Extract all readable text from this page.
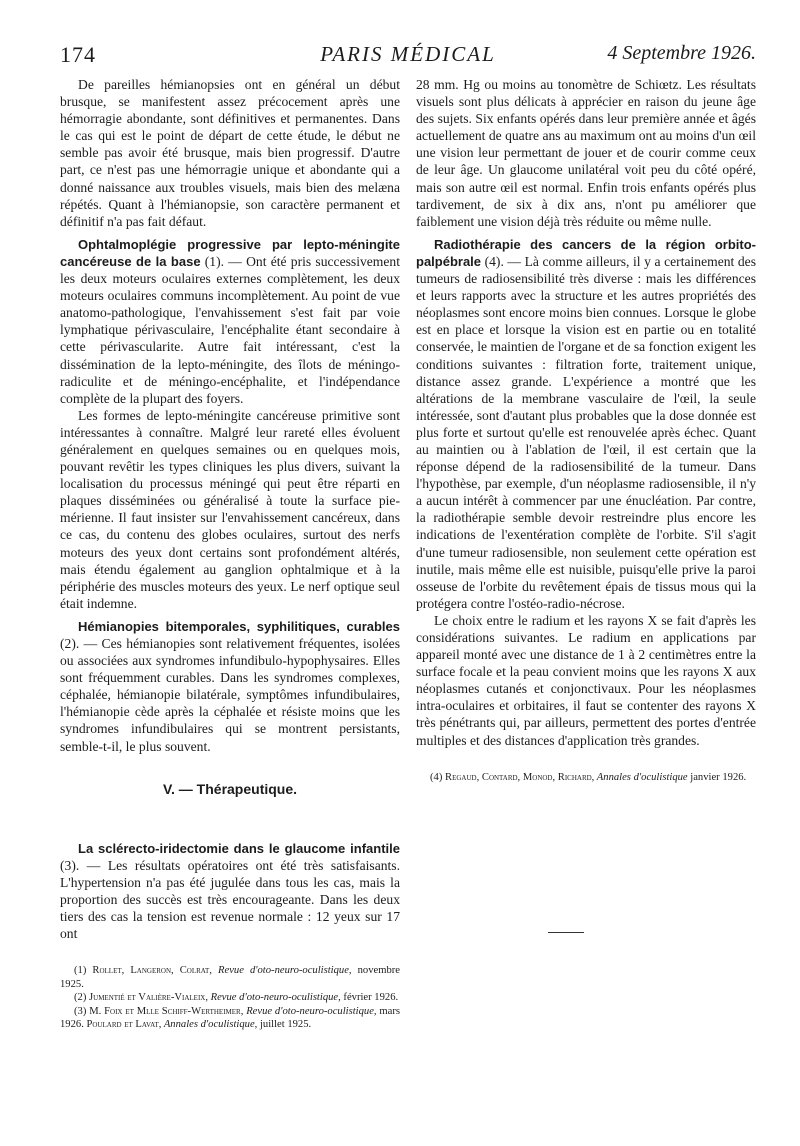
174	PARIS MÉDICAL	4 Septembre 1926.

De pareilles hémianopsies ont en général un début brusque, se manifestent assez précocement après une hémorragie abondante, sont définitives et permanentes. Dans le cas qui est le point de départ de cette étude, le début ne semble pas avoir été brusque, mais bien progressif. D'autre part, ce n'est pas une hémorragie unique et abondante qui a donné naissance aux troubles visuels, mais bien des melæna répétés. Quant à l'hémianopsie, son caractère permanent et définitif n'a pas fait défaut.

Ophtalmoplégie progressive par lepto-méningite cancéreuse de la base (1). — Ont été pris successivement les deux moteurs oculaires externes complètement, les deux moteurs oculaires communs incomplètement. Au point de vue anatomo-pathologique, l'envahissement s'est fait par voie lymphatique périvasculaire, l'encéphalite étant secondaire à cette périvascularite. Autre fait intéressant, c'est la dissémination de la lepto-méningite, des îlots de méningo-radiculite et de méningo-encéphalite, et l'indépendance complète de la plupart des foyers.

Les formes de lepto-méningite cancéreuse primitive sont intéressantes à connaître. Malgré leur rareté elles évoluent généralement en quelques semaines ou en quelques mois, pouvant revêtir les types cliniques les plus divers, suivant la localisation du processus méningé qui peut être réparti en plaques disséminées ou généralisé à toute la surface pie-mérienne. Il faut insister sur l'envahissement cancéreux, dans ce cas, du contenu des globes oculaires, surtout des nerfs moteurs des yeux dont certains sont profondément altérés, mais étendu également au ganglion ophtalmique et à la périphérie des muscles moteurs des yeux. Le nerf optique seul était indemne.

Hémianopies bitemporales, syphilitiques, curables (2). — Ces hémianopies sont relativement fréquentes, isolées ou associées aux syndromes infundibulo-hypophysaires. Elles sont fréquemment curables. Dans les syndromes complexes, céphalée, hémianopie bilatérale, symptômes infundibulaires, l'hémianopie cède après la céphalée et résiste moins que les syndromes infundibulaires qui se montrent persistants, semble-t-il, le plus souvent.

V. — Thérapeutique.

La sclérecto-iridectomie dans le glaucome infantile (3). — Les résultats opératoires ont été très satisfaisants. L'hypertension n'a pas été jugulée dans tous les cas, mais la proportion des succès est très encourageante. Dans les deux tiers des cas la tension est revenue normale : 12 yeux sur 17 ont

(1) Rollet, Langeron, Colrat, Revue d'oto-neuro-oculistique, novembre 1925.

(2) Jumentié et Valière-Vialeix, Revue d'oto-neuro-oculistique, février 1926.

(3) M. Foix et Mlle Schiff-Wertheimer, Revue d'oto-neuro-oculistique, mars 1926. Poulard et Lavat, Annales d'oculistique, juillet 1925.

28 mm. Hg ou moins au tonomètre de Schiœtz. Les résultats visuels sont plus délicats à apprécier en raison du jeune âge des sujets. Six enfants opérés dans leur première année et âgés actuellement de quatre ans au maximum ont au moins d'un œil une vision leur permettant de jouer et de courir comme ceux de leur âge. Un glaucome unilatéral voit peu du côté opéré, mais son autre œil est normal. Enfin trois enfants opérés plus tardivement, de six à dix ans, n'ont pu améliorer que faiblement une vision déjà très réduite ou même nulle.

Radiothérapie des cancers de la région orbito-palpébrale (4). — Là comme ailleurs, il y a certainement des tumeurs de radiosensibilité très diverse : mais les différences et leurs rapports avec la structure et les autres propriétés des néoplasmes sont encore moins bien connues. Lorsque le globe est en place et lorsque la vision est en partie ou en totalité conservée, le maintien de l'organe et de sa fonction exigent les conditions suivantes : filtration forte, traitement unique, distance assez grande. L'expérience a montré que les altérations de la membrane vasculaire de l'œil, la seule intéressée, sont d'autant plus probables que la dose donnée est plus forte et surtout qu'elle est renouvelée après échec. Quant au maintien ou à l'ablation de l'œil, il est certain que la réponse dépend de la radiosensibilité de la tumeur. Dans l'hypothèse, par exemple, d'un néoplasme radiosensible, il n'y a aucun intérêt à commencer par une énucléation. Par contre, la radiothérapie semble devoir restreindre plus encore les indications de l'exentération complète de l'orbite. S'il s'agit d'une tumeur radiosensible, non seulement cette opération est inutile, mais même elle est nuisible, puisqu'elle prive la paroi osseuse de l'orbite du revêtement épais de tissus mous qui la protégera contre l'ostéo-radio-nécrose.

Le choix entre le radium et les rayons X se fait d'après les considérations suivantes. Le radium en applications par appareil monté avec une distance de 1 à 2 centimètres entre la surface focale et la peau convient moins que les rayons X aux néoplasmes cutanés et conjonctivaux. Pour les néoplasmes intra-oculaires et orbitaires, il faut se contenter des rayons X très pénétrants qui, par ailleurs, permettent des portes d'entrée multiples et des distances d'application très grandes.

(4) Regaud, Contard, Monod, Richard, Annales d'oculistique janvier 1926.
